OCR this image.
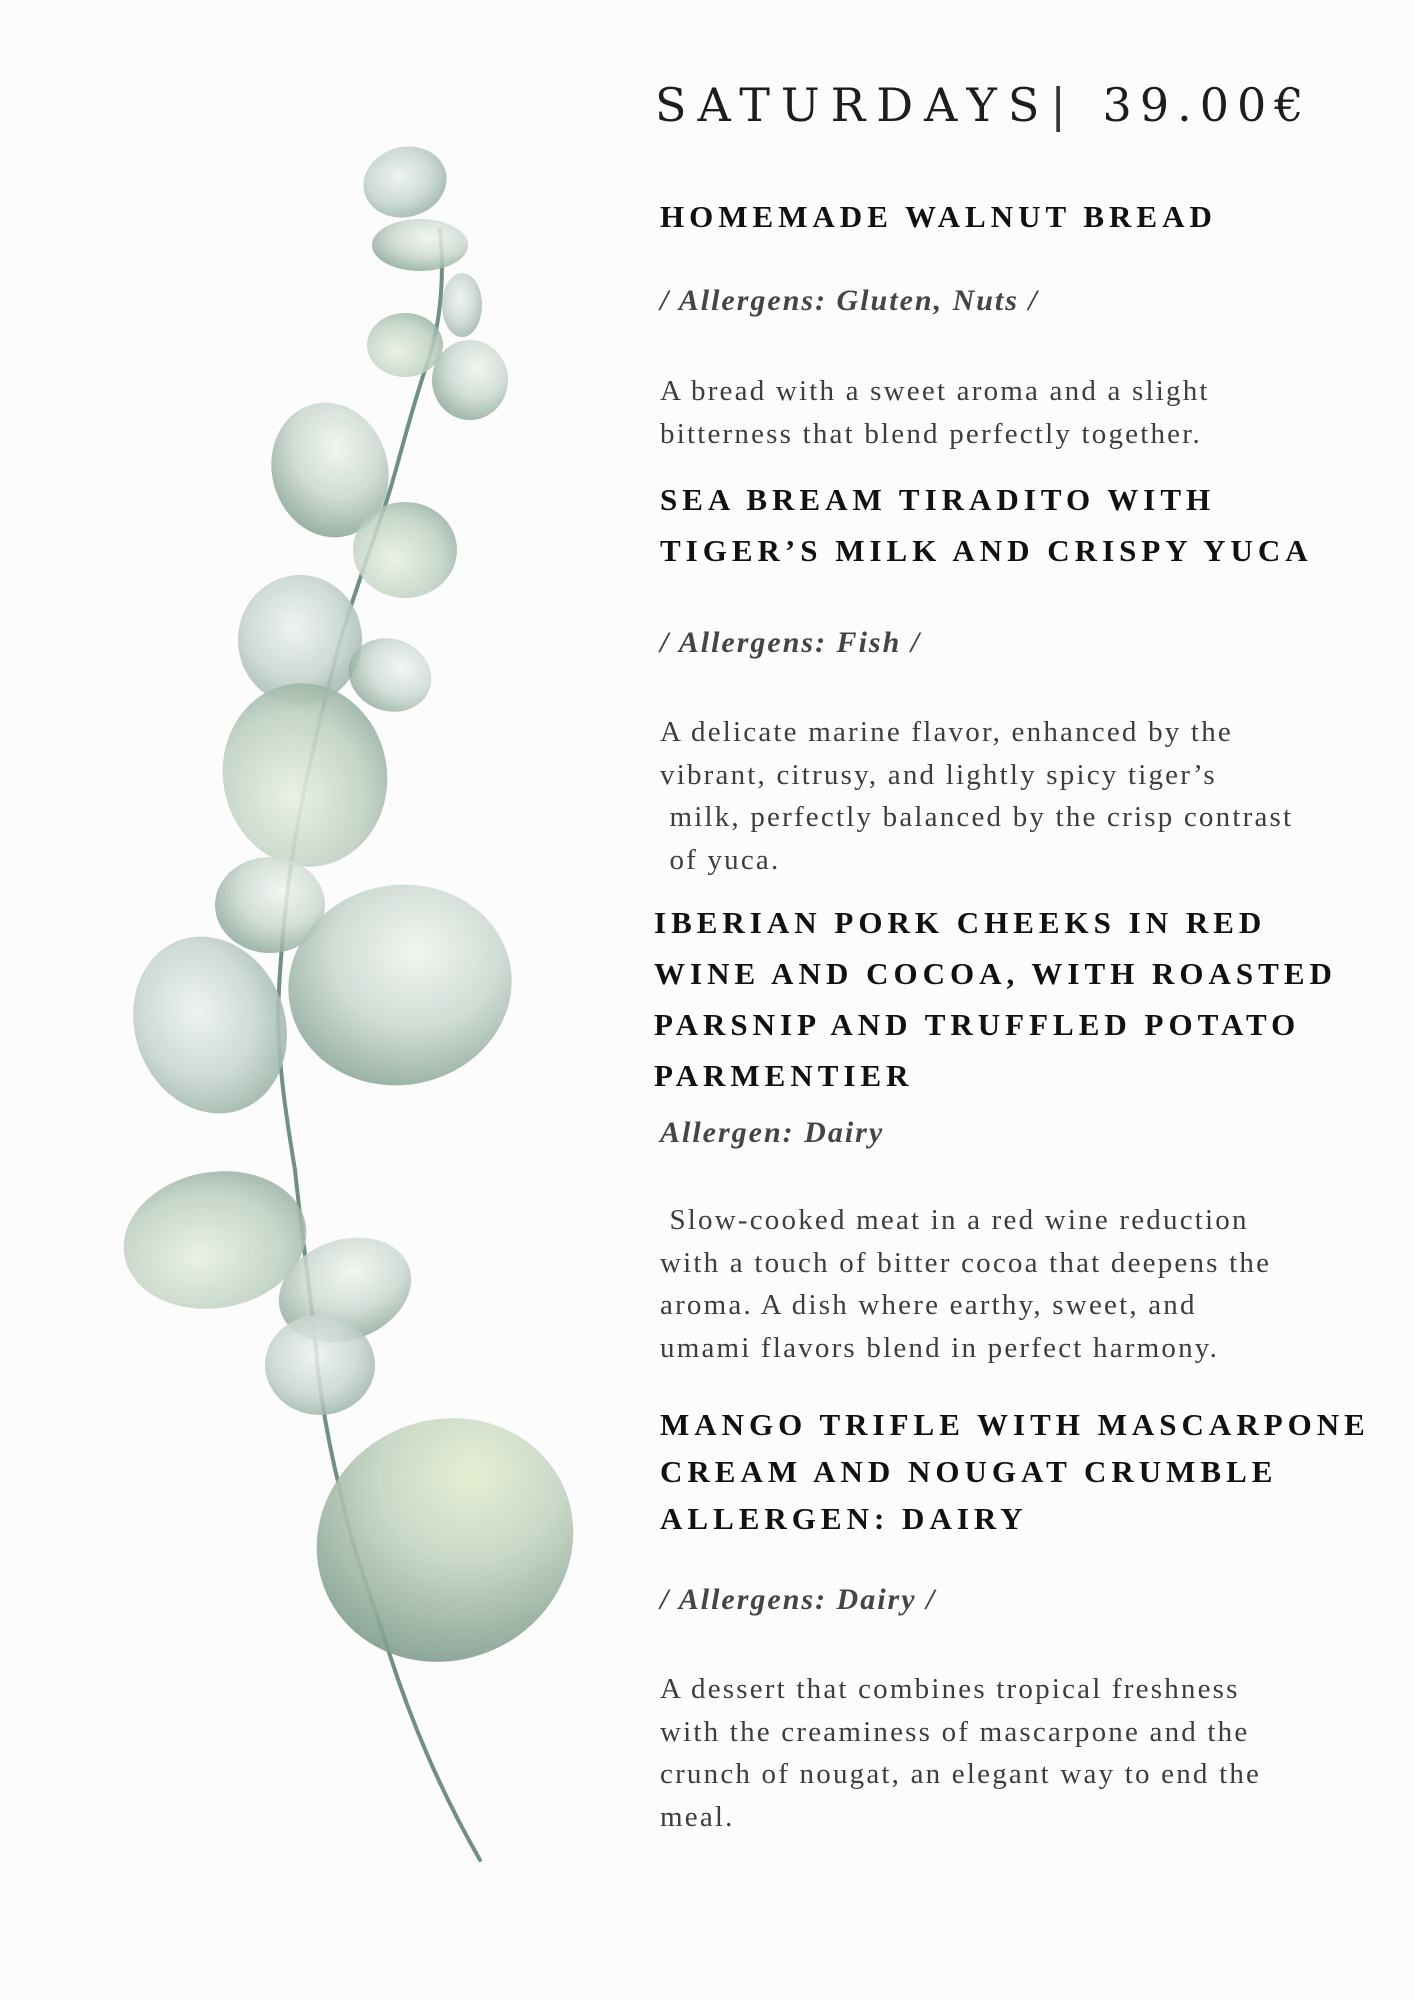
SATURDAYS| 39.00€
HOMEMADE WALNUT BREAD
/ Allergens: Gluten, Nuts /
A bread with a sweet aroma and a slight
bitterness that blend perfectly together.
SEA BREAM TIRADITO WITH
TIGER’S MILK AND CRISPY YUCA
/ Allergens: Fish /
A delicate marine flavor, enhanced by the
vibrant, citrusy, and lightly spicy tiger’s
milk, perfectly balanced by the crisp contrast
of yuca.
IBERIAN PORK CHEEKS IN RED
WINE AND COCOA, WITH ROASTED
PARSNIP AND TRUFFLED POTATO
PARMENTIER
Allergen: Dairy
Slow-cooked meat in a red wine reduction
with a touch of bitter cocoa that deepens the
aroma. A dish where earthy, sweet, and
umami flavors blend in perfect harmony.
MANGO TRIFLE WITH MASCARPONE
CREAM AND NOUGAT CRUMBLE
ALLERGEN: DAIRY
/ Allergens: Dairy /
A dessert that combines tropical freshness
with the creaminess of mascarpone and the
crunch of nougat, an elegant way to end the
meal.
